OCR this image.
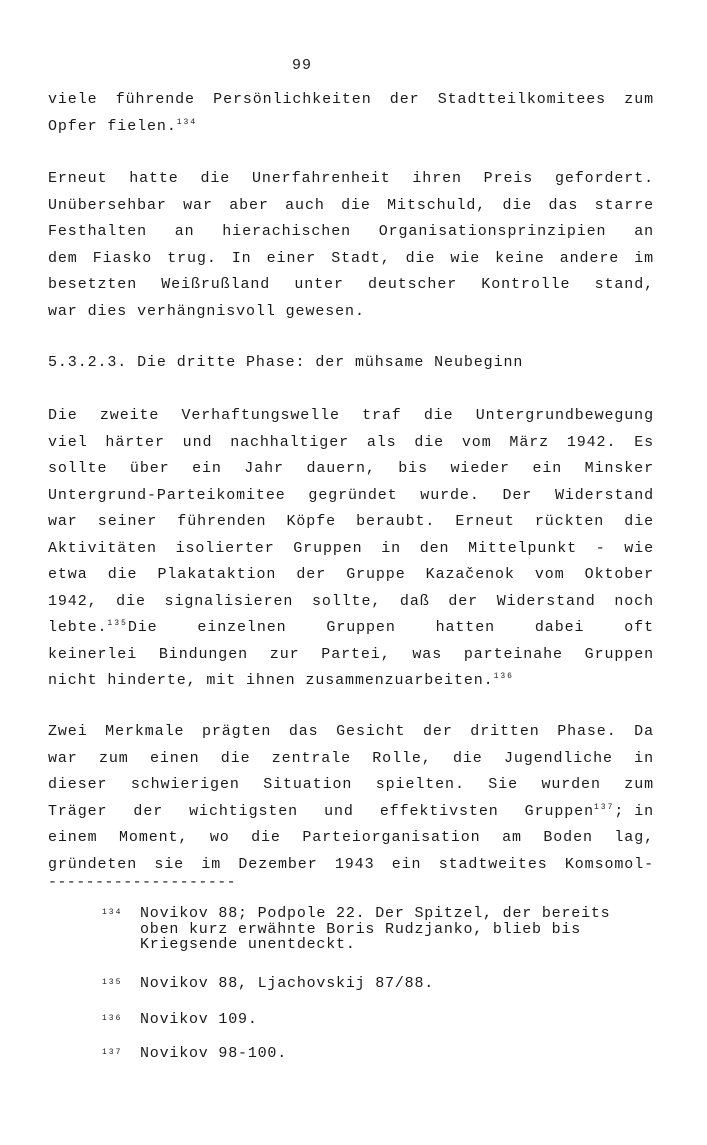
99
viele führende Persönlichkeiten der Stadtteilkomitees zum
Opfer fielen.$^{134}$
Erneut hatte die Unerfahrenheit ihren Preis gefordert.
Unübersehbar war aber auch die Mitschuld, die das starre
Festhalten an hierachischen Organisationsprinzipien an
dem Fiasko trug. In einer Stadt, die wie keine andere im
besetzten Weißrußland unter deutscher Kontrolle stand,
war dies verhängnisvoll gewesen.
5.3.2.3. Die dritte Phase: der mühsame Neubeginn
Die zweite Verhaftungswelle traf die Untergrundbewegung
viel härter und nachhaltiger als die vom März 1942. Es
sollte über ein Jahr dauern, bis wieder ein Minsker
Untergrund-Parteikomitee gegründet wurde. Der Widerstand
war seiner führenden Köpfe beraubt. Erneut rückten die
Aktivitäten isolierter Gruppen in den Mittelpunkt - wie
etwa die Plakataktion der Gruppe Kazačenok vom Oktober
1942, die signalisieren sollte, daß der Widerstand noch
lebte. 135 Die einzelnen Gruppen hatten dabei oft
keinerlei Bindungen zur Partei, was parteinahe Gruppen
nicht hinderte, mit ihnen zusammenzuarbeiten.$^{136}$
Zwei Merkmale prägten das Gesicht der dritten Phase. Da
war zum einen die zentrale Rolle, die Jugendliche in
dieser schwierigen Situation spielten. Sie wurden zum
Träger der wichtigsten und effektivsten Gruppen 137 ; in
einem Moment, wo die Parteiorganisation am Boden lag,
gründeten sie im Dezember 1943 ein stadtweites Komsomol-
--------------------
134 Novikov 88; Podpole 22. Der Spitzel, der bereits
oben kurz erwähnte Boris Rudzjanko, blieb bis
Kriegsende unentdeckt.
135 Novikov 88, Ljachovskij 87/88.
136 Novikov 109.
137 Novikov 98-100.
